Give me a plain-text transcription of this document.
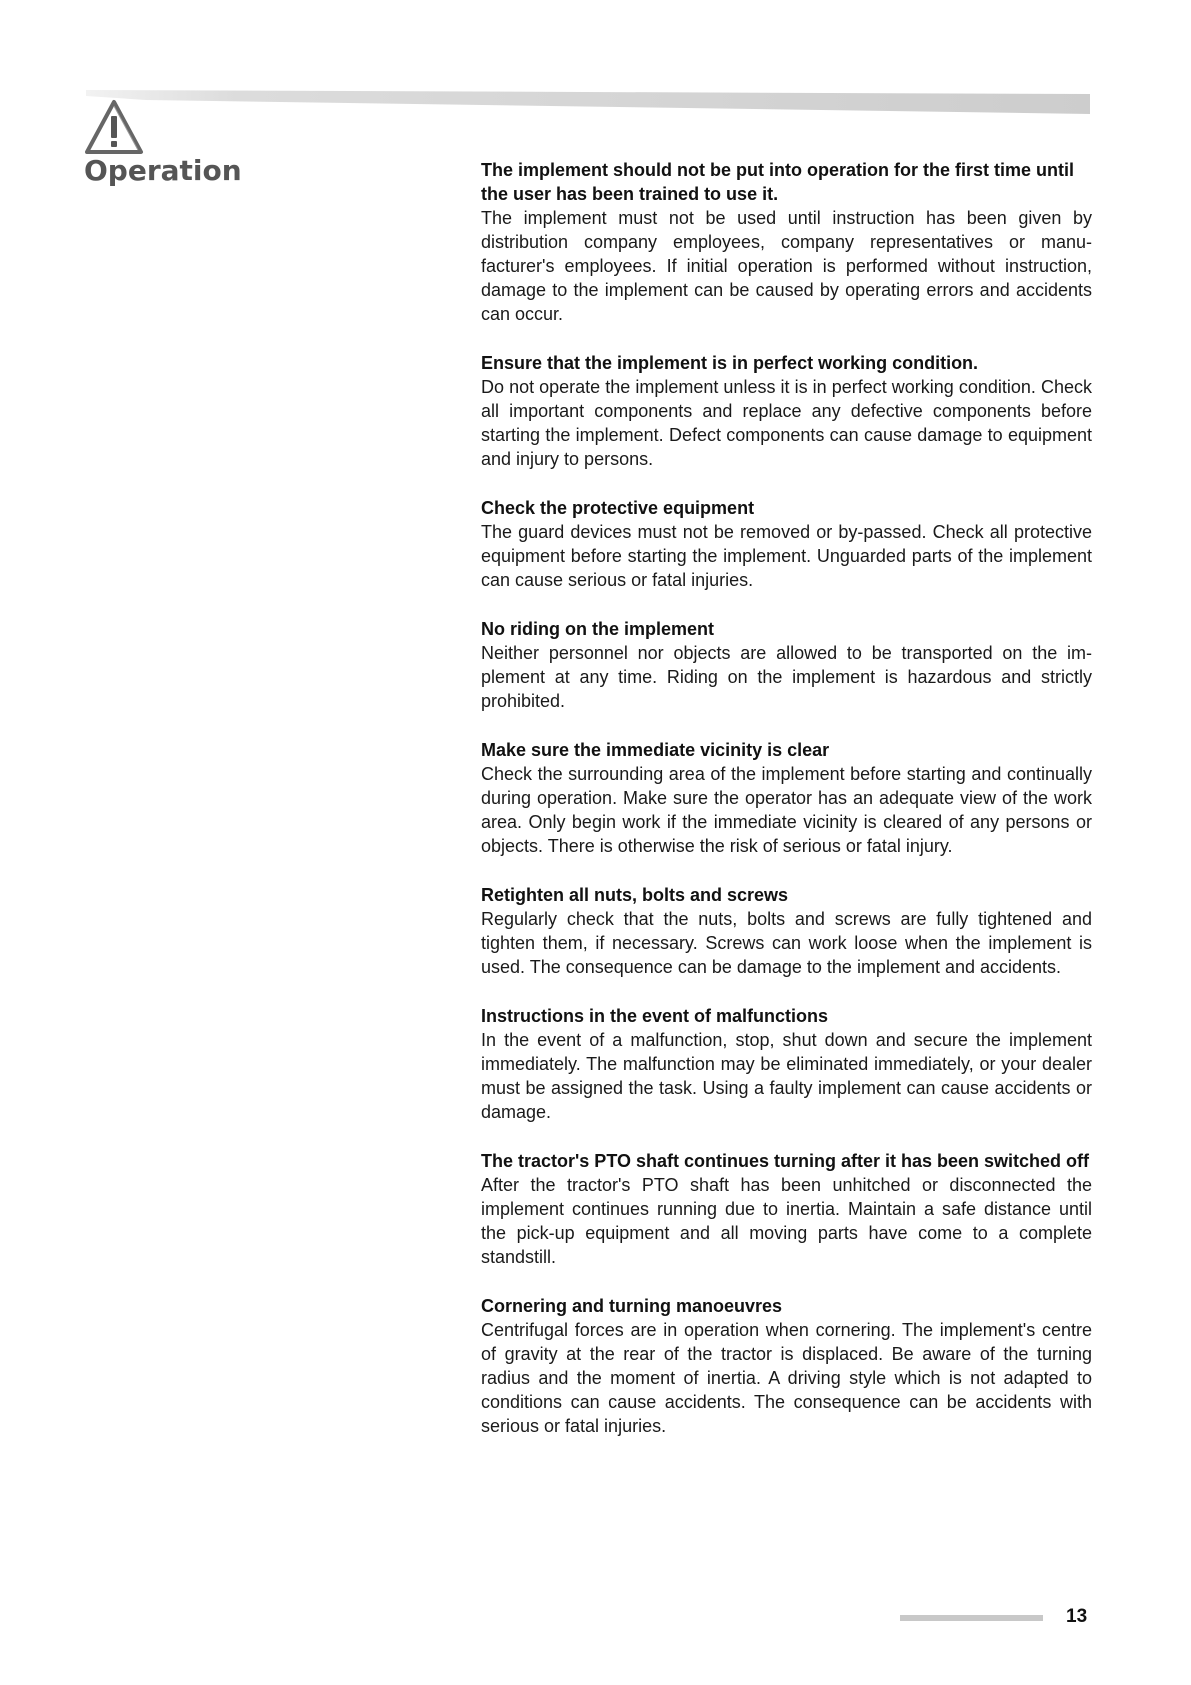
Operation	The implement should not be put into operation for the first time until the user has been trained to use it.

The implement must not be used until instruction has been given by distribution company employees, company representatives or manufacturer's employees. If initial operation is performed without instruction, damage to the implement can be caused by operating errors and accidents can occur.

Ensure that the implement is in perfect working condition.

Do not operate the implement unless it is in perfect working condition. Check all important components and replace any defective components before starting the implement. Defect components can cause damage to equipment and injury to persons.

Check the protective equipment

The guard devices must not be removed or by-passed. Check all protective equipment before starting the implement. Unguarded parts of the implement can cause serious or fatal injuries.

No riding on the implement

Neither personnel nor objects are allowed to be transported on the implement at any time. Riding on the implement is hazardous and strictly prohibited.

Make sure the immediate vicinity is clear

Check the surrounding area of the implement before starting and continually during operation. Make sure the operator has an adequate view of the work area. Only begin work if the immediate vicinity is cleared of any persons or objects. There is otherwise the risk of serious or fatal injury.

Retighten all nuts, bolts and screws

Regularly check that the nuts, bolts and screws are fully tightened and tighten them, if necessary. Screws can work loose when the implement is used. The consequence can be damage to the implement and accidents.

Instructions in the event of malfunctions

In the event of a malfunction, stop, shut down and secure the implement immediately. The malfunction may be eliminated immediately, or your dealer must be assigned the task. Using a faulty implement can cause accidents or damage.

The tractor's PTO shaft continues turning after it has been switched off

After the tractor's PTO shaft has been unhitched or disconnected the implement continues running due to inertia. Maintain a safe distance until the pick-up equipment and all moving parts have come to a complete standstill.

Cornering and turning manoeuvres

Centrifugal forces are in operation when cornering. The implement's centre of gravity at the rear of the tractor is displaced. Be aware of the turning radius and the moment of inertia. A driving style which is not adapted to conditions can cause accidents. The consequence can be accidents with serious or fatal injuries.

13
